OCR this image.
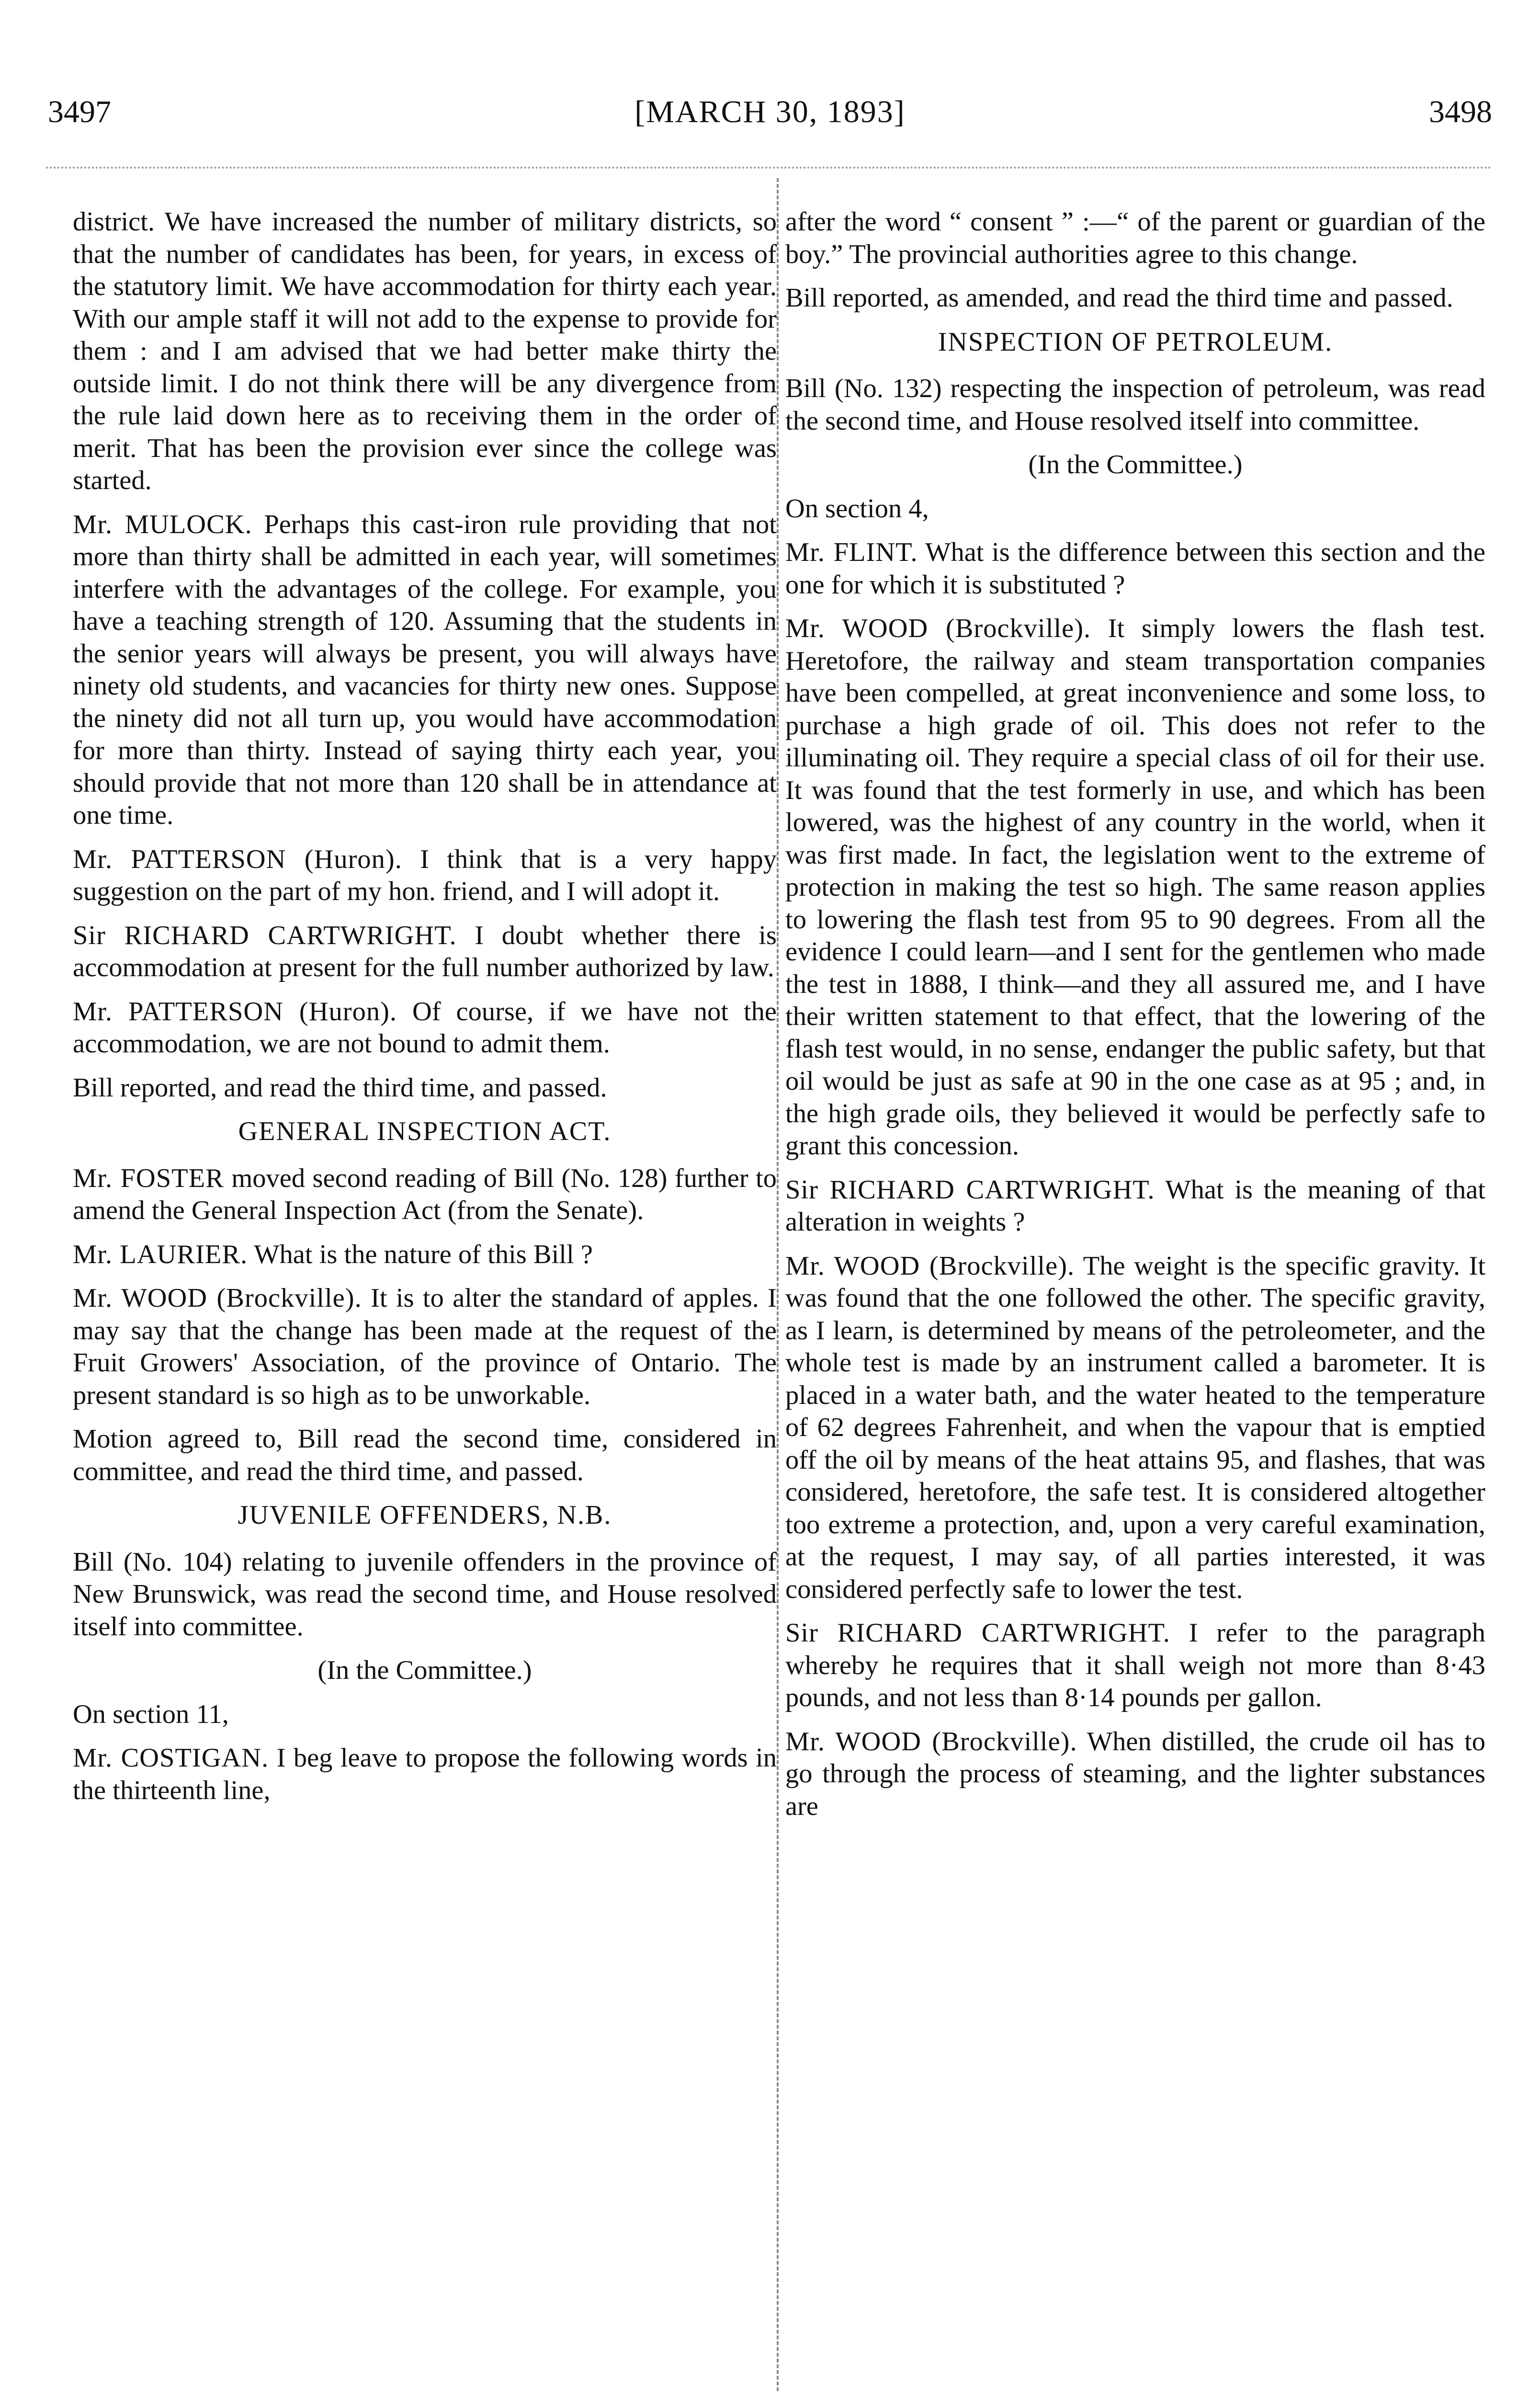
3497	[MARCH 30, 1893]	3498

district. We have increased the number of military districts, so that the number of candidates has been, for years, in excess of the statutory limit. We have accommodation for thirty each year. With our ample staff it will not add to the expense to provide for them : and I am advised that we had better make thirty the outside limit. I do not think there will be any divergence from the rule laid down here as to receiving them in the order of merit. That has been the provision ever since the college was started.

Mr. MULOCK. Perhaps this cast-iron rule providing that not more than thirty shall be admitted in each year, will sometimes interfere with the advantages of the college. For example, you have a teaching strength of 120. Assuming that the students in the senior years will always be present, you will always have ninety old students, and vacancies for thirty new ones. Suppose the ninety did not all turn up, you would have accommodation for more than thirty. Instead of saying thirty each year, you should provide that not more than 120 shall be in attendance at one time.

Mr. PATTERSON (Huron). I think that is a very happy suggestion on the part of my hon. friend, and I will adopt it.

Sir RICHARD CARTWRIGHT. I doubt whether there is accommodation at present for the full number authorized by law.

Mr. PATTERSON (Huron). Of course, if we have not the accommodation, we are not bound to admit them.

Bill reported, and read the third time, and passed.

GENERAL INSPECTION ACT.

Mr. FOSTER moved second reading of Bill (No. 128) further to amend the General Inspection Act (from the Senate).

Mr. LAURIER. What is the nature of this Bill ?

Mr. WOOD (Brockville). It is to alter the standard of apples. I may say that the change has been made at the request of the Fruit Growers' Association, of the province of Ontario. The present standard is so high as to be unworkable.

Motion agreed to, Bill read the second time, considered in committee, and read the third time, and passed.

JUVENILE OFFENDERS, N.B.

Bill (No. 104) relating to juvenile offenders in the province of New Brunswick, was read the second time, and House resolved itself into committee.

(In the Committee.)

On section 11,

Mr. COSTIGAN. I beg leave to propose the following words in the thirteenth line,

after the word “ consent ” :—“ of the parent or guardian of the boy.” The provincial authorities agree to this change.

Bill reported, as amended, and read the third time and passed.

INSPECTION OF PETROLEUM.

Bill (No. 132) respecting the inspection of petroleum, was read the second time, and House resolved itself into committee.

(In the Committee.)

On section 4,

Mr. FLINT. What is the difference between this section and the one for which it is substituted ?

Mr. WOOD (Brockville). It simply lowers the flash test. Heretofore, the railway and steam transportation companies have been compelled, at great inconvenience and some loss, to purchase a high grade of oil. This does not refer to the illuminating oil. They require a special class of oil for their use. It was found that the test formerly in use, and which has been lowered, was the highest of any country in the world, when it was first made. In fact, the legislation went to the extreme of protection in making the test so high. The same reason applies to lowering the flash test from 95 to 90 degrees. From all the evidence I could learn—and I sent for the gentlemen who made the test in 1888, I think—and they all assured me, and I have their written statement to that effect, that the lowering of the flash test would, in no sense, endanger the public safety, but that oil would be just as safe at 90 in the one case as at 95 ; and, in the high grade oils, they believed it would be perfectly safe to grant this concession.

Sir RICHARD CARTWRIGHT. What is the meaning of that alteration in weights ?

Mr. WOOD (Brockville). The weight is the specific gravity. It was found that the one followed the other. The specific gravity, as I learn, is determined by means of the petroleometer, and the whole test is made by an instrument called a barometer. It is placed in a water bath, and the water heated to the temperature of 62 degrees Fahrenheit, and when the vapour that is emptied off the oil by means of the heat attains 95, and flashes, that was considered, heretofore, the safe test. It is considered altogether too extreme a protection, and, upon a very careful examination, at the request, I may say, of all parties interested, it was considered perfectly safe to lower the test.

Sir RICHARD CARTWRIGHT. I refer to the paragraph whereby he requires that it shall weigh not more than 8·43 pounds, and not less than 8·14 pounds per gallon.

Mr. WOOD (Brockville). When distilled, the crude oil has to go through the process of steaming, and the lighter substances are
